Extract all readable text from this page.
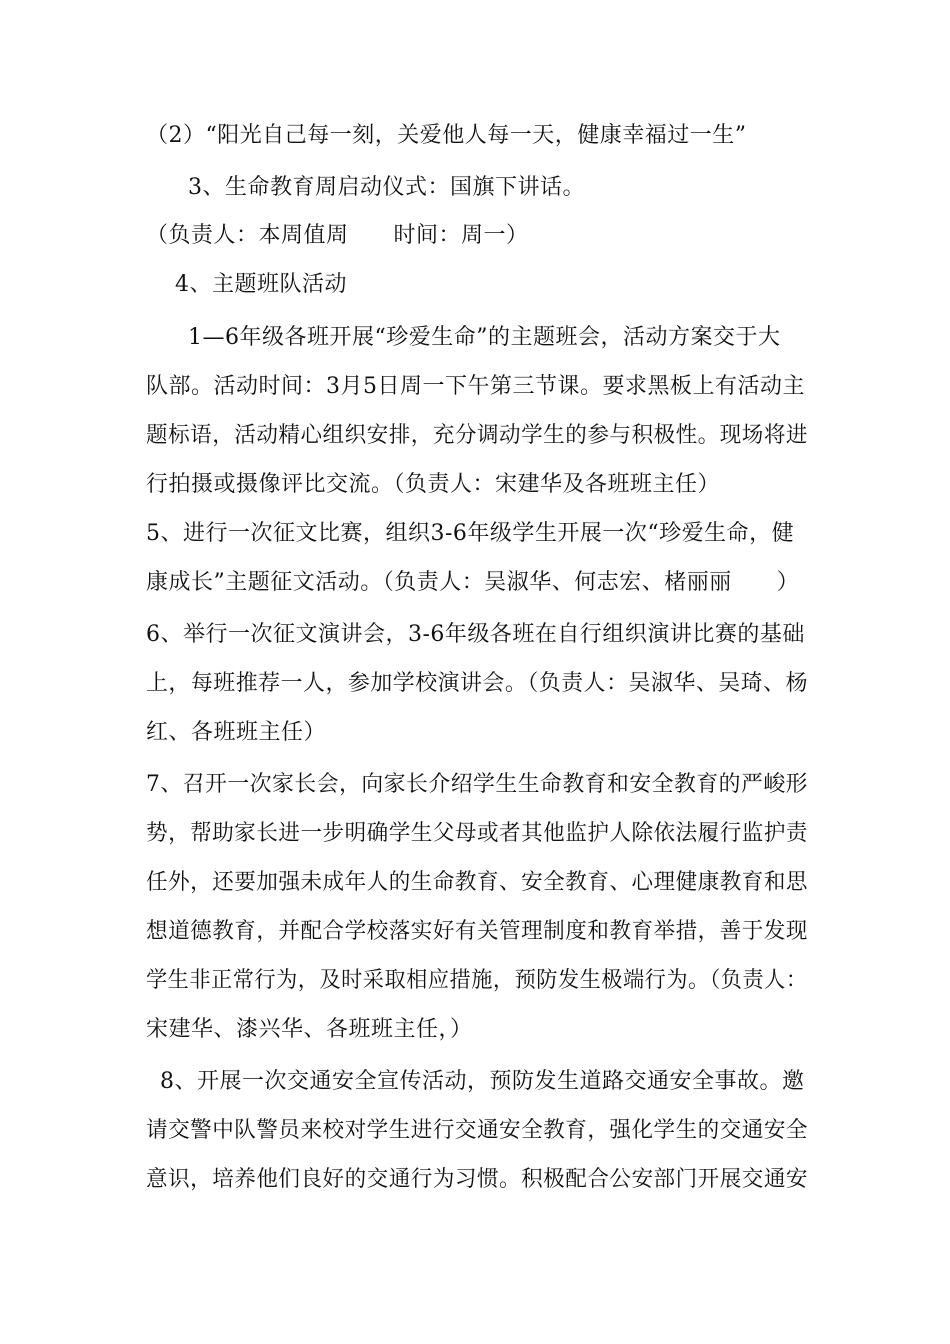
（2）“阳光自己每一刻，关爱他人每一天，健康幸福过一生”
3、生命教育周启动仪式：国旗下讲话。
（负责人：本周值周　　时间：周一）
4、主题班队活动
1—6年级各班开展“珍爱生命”的主题班会，活动方案交于大
队部。活动时间：3月5日周一下午第三节课。要求黑板上有活动主
题标语，活动精心组织安排，充分调动学生的参与积极性。现场将进
行拍摄或摄像评比交流。（负责人：宋建华及各班班主任）
5、进行一次征文比赛，组织3-6年级学生开展一次“珍爱生命，健
康成长”主题征文活动。（负责人：吴淑华、何志宏、楮丽丽　　）
6、举行一次征文演讲会，3-6年级各班在自行组织演讲比赛的基础
上，每班推荐一人，参加学校演讲会。（负责人：吴淑华、吴琦、杨
红、各班班主任）
7、召开一次家长会，向家长介绍学生生命教育和安全教育的严峻形
势，帮助家长进一步明确学生父母或者其他监护人除依法履行监护责
任外，还要加强未成年人的生命教育、安全教育、心理健康教育和思
想道德教育，并配合学校落实好有关管理制度和教育举措，善于发现
学生非正常行为，及时采取相应措施，预防发生极端行为。（负责人：
宋建华、漆兴华、各班班主任，）
8、开展一次交通安全宣传活动，预防发生道路交通安全事故。邀
请交警中队警员来校对学生进行交通安全教育，强化学生的交通安全
意识，培养他们良好的交通行为习惯。积极配合公安部门开展交通安
